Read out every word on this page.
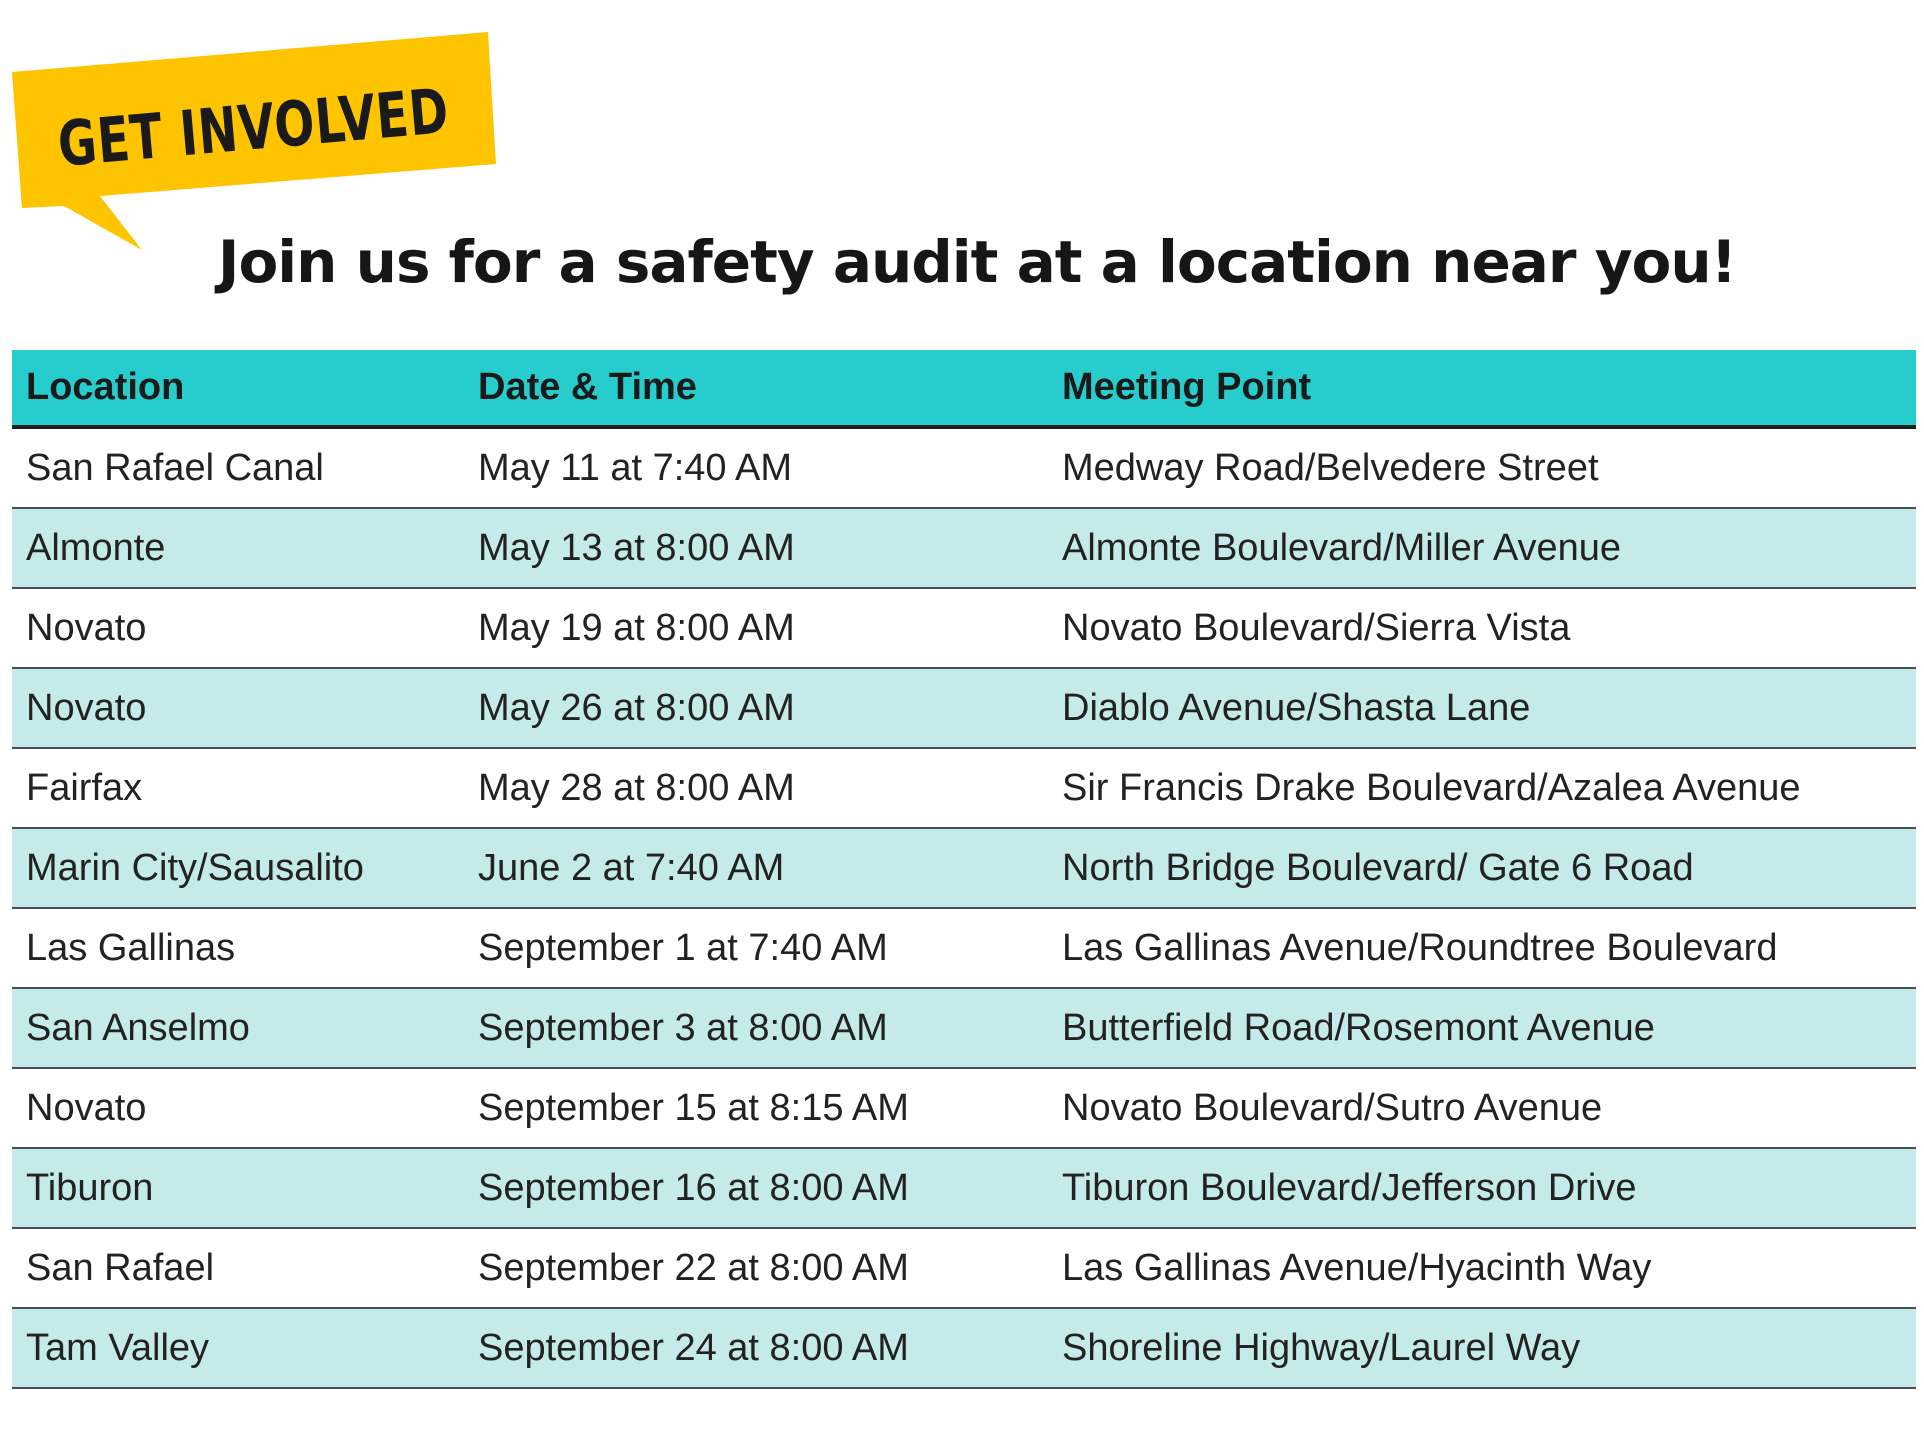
GET INVOLVED
Join us for a safety audit at a location near you!
Location	Date & Time	Meeting Point
San Rafael Canal	May 11 at 7:40 AM	Medway Road/Belvedere Street
Almonte	May 13 at 8:00 AM	Almonte Boulevard/Miller Avenue
Novato	May 19 at 8:00 AM	Novato Boulevard/Sierra Vista
Novato	May 26 at 8:00 AM	Diablo Avenue/Shasta Lane
Fairfax	May 28 at 8:00 AM	Sir Francis Drake Boulevard/Azalea Avenue
Marin City/Sausalito	June 2 at 7:40 AM	North Bridge Boulevard/ Gate 6 Road
Las Gallinas	September 1 at 7:40 AM	Las Gallinas Avenue/Roundtree Boulevard
San Anselmo	September 3 at 8:00 AM	Butterfield Road/Rosemont Avenue
Novato	September 15 at 8:15 AM	Novato Boulevard/Sutro Avenue
Tiburon	September 16 at 8:00 AM	Tiburon Boulevard/Jefferson Drive
San Rafael	September 22 at 8:00 AM	Las Gallinas Avenue/Hyacinth Way
Tam Valley	September 24 at 8:00 AM	Shoreline Highway/Laurel Way
